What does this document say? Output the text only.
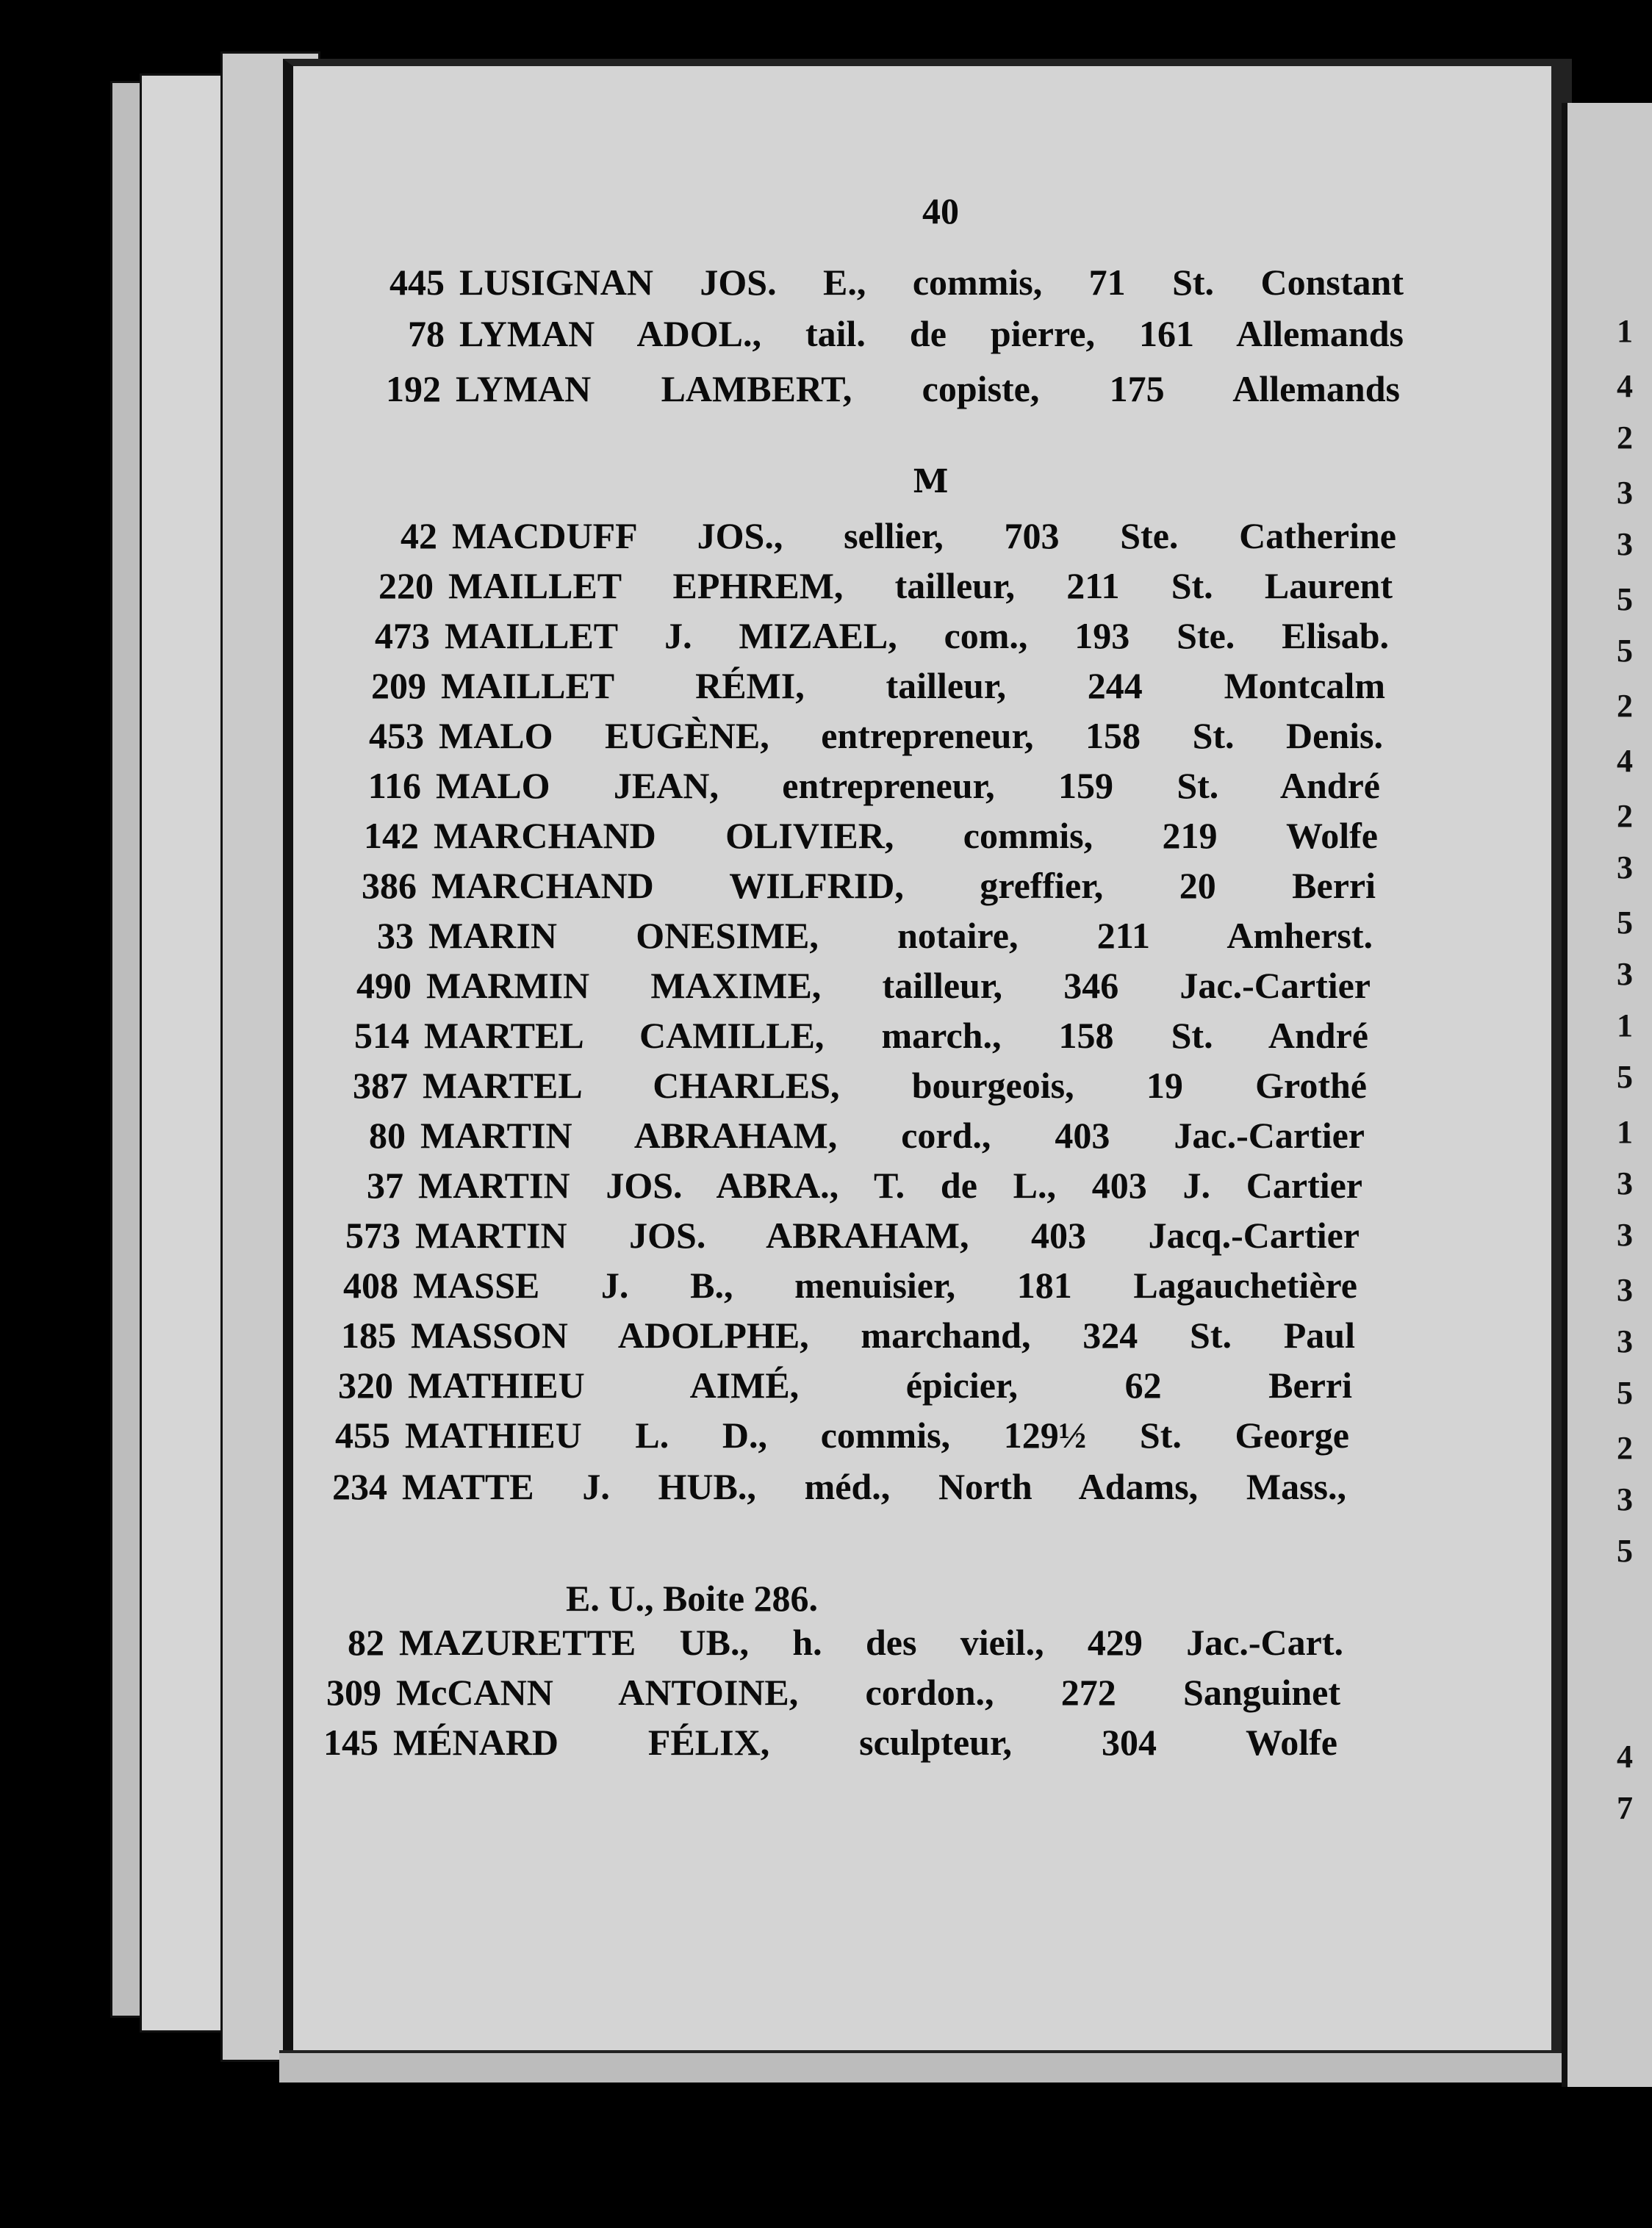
1
4
2
3
3
5
5
2
4
2
3
5
3
1
5
1
3
3
3
3
5
2
3
5
4
7
40
445 LUSIGNAN JOS. E., commis, 71 St. Constant
78 LYMAN ADOL., tail. de pierre, 161 Allemands
192 LYMAN LAMBERT, copiste, 175 Allemands
M
42 MACDUFF JOS., sellier, 703 Ste. Catherine
220 MAILLET EPHREM, tailleur, 211 St. Laurent
473 MAILLET J. MIZAEL, com., 193 Ste. Elisab.
209 MAILLET RÉMI, tailleur, 244 Montcalm
453 MALO EUGÈNE, entrepreneur, 158 St. Denis.
116 MALO JEAN, entrepreneur, 159 St. André
142 MARCHAND OLIVIER, commis, 219 Wolfe
386 MARCHAND WILFRID, greffier, 20 Berri
33 MARIN ONESIME, notaire, 211 Amherst.
490 MARMIN MAXIME, tailleur, 346 Jac.-Cartier
514 MARTEL CAMILLE, march., 158 St. André
387 MARTEL CHARLES, bourgeois, 19 Grothé
80 MARTIN ABRAHAM, cord., 403 Jac.-Cartier
37 MARTIN JOS. ABRA., T. de L., 403 J. Cartier
573 MARTIN JOS. ABRAHAM, 403 Jacq.-Cartier
408 MASSE J. B., menuisier, 181 Lagauchetière
185 MASSON ADOLPHE, marchand, 324 St. Paul
320 MATHIEU AIMÉ, épicier, 62 Berri
455 MATHIEU L. D., commis, 129½ St. George
234 MATTE J. HUB., méd., North Adams, Mass.,
E. U., Boite 286.
82 MAZURETTE UB., h. des vieil., 429 Jac.-Cart.
309 McCANN ANTOINE, cordon., 272 Sanguinet
145 MÉNARD FÉLIX, sculpteur, 304 Wolfe
